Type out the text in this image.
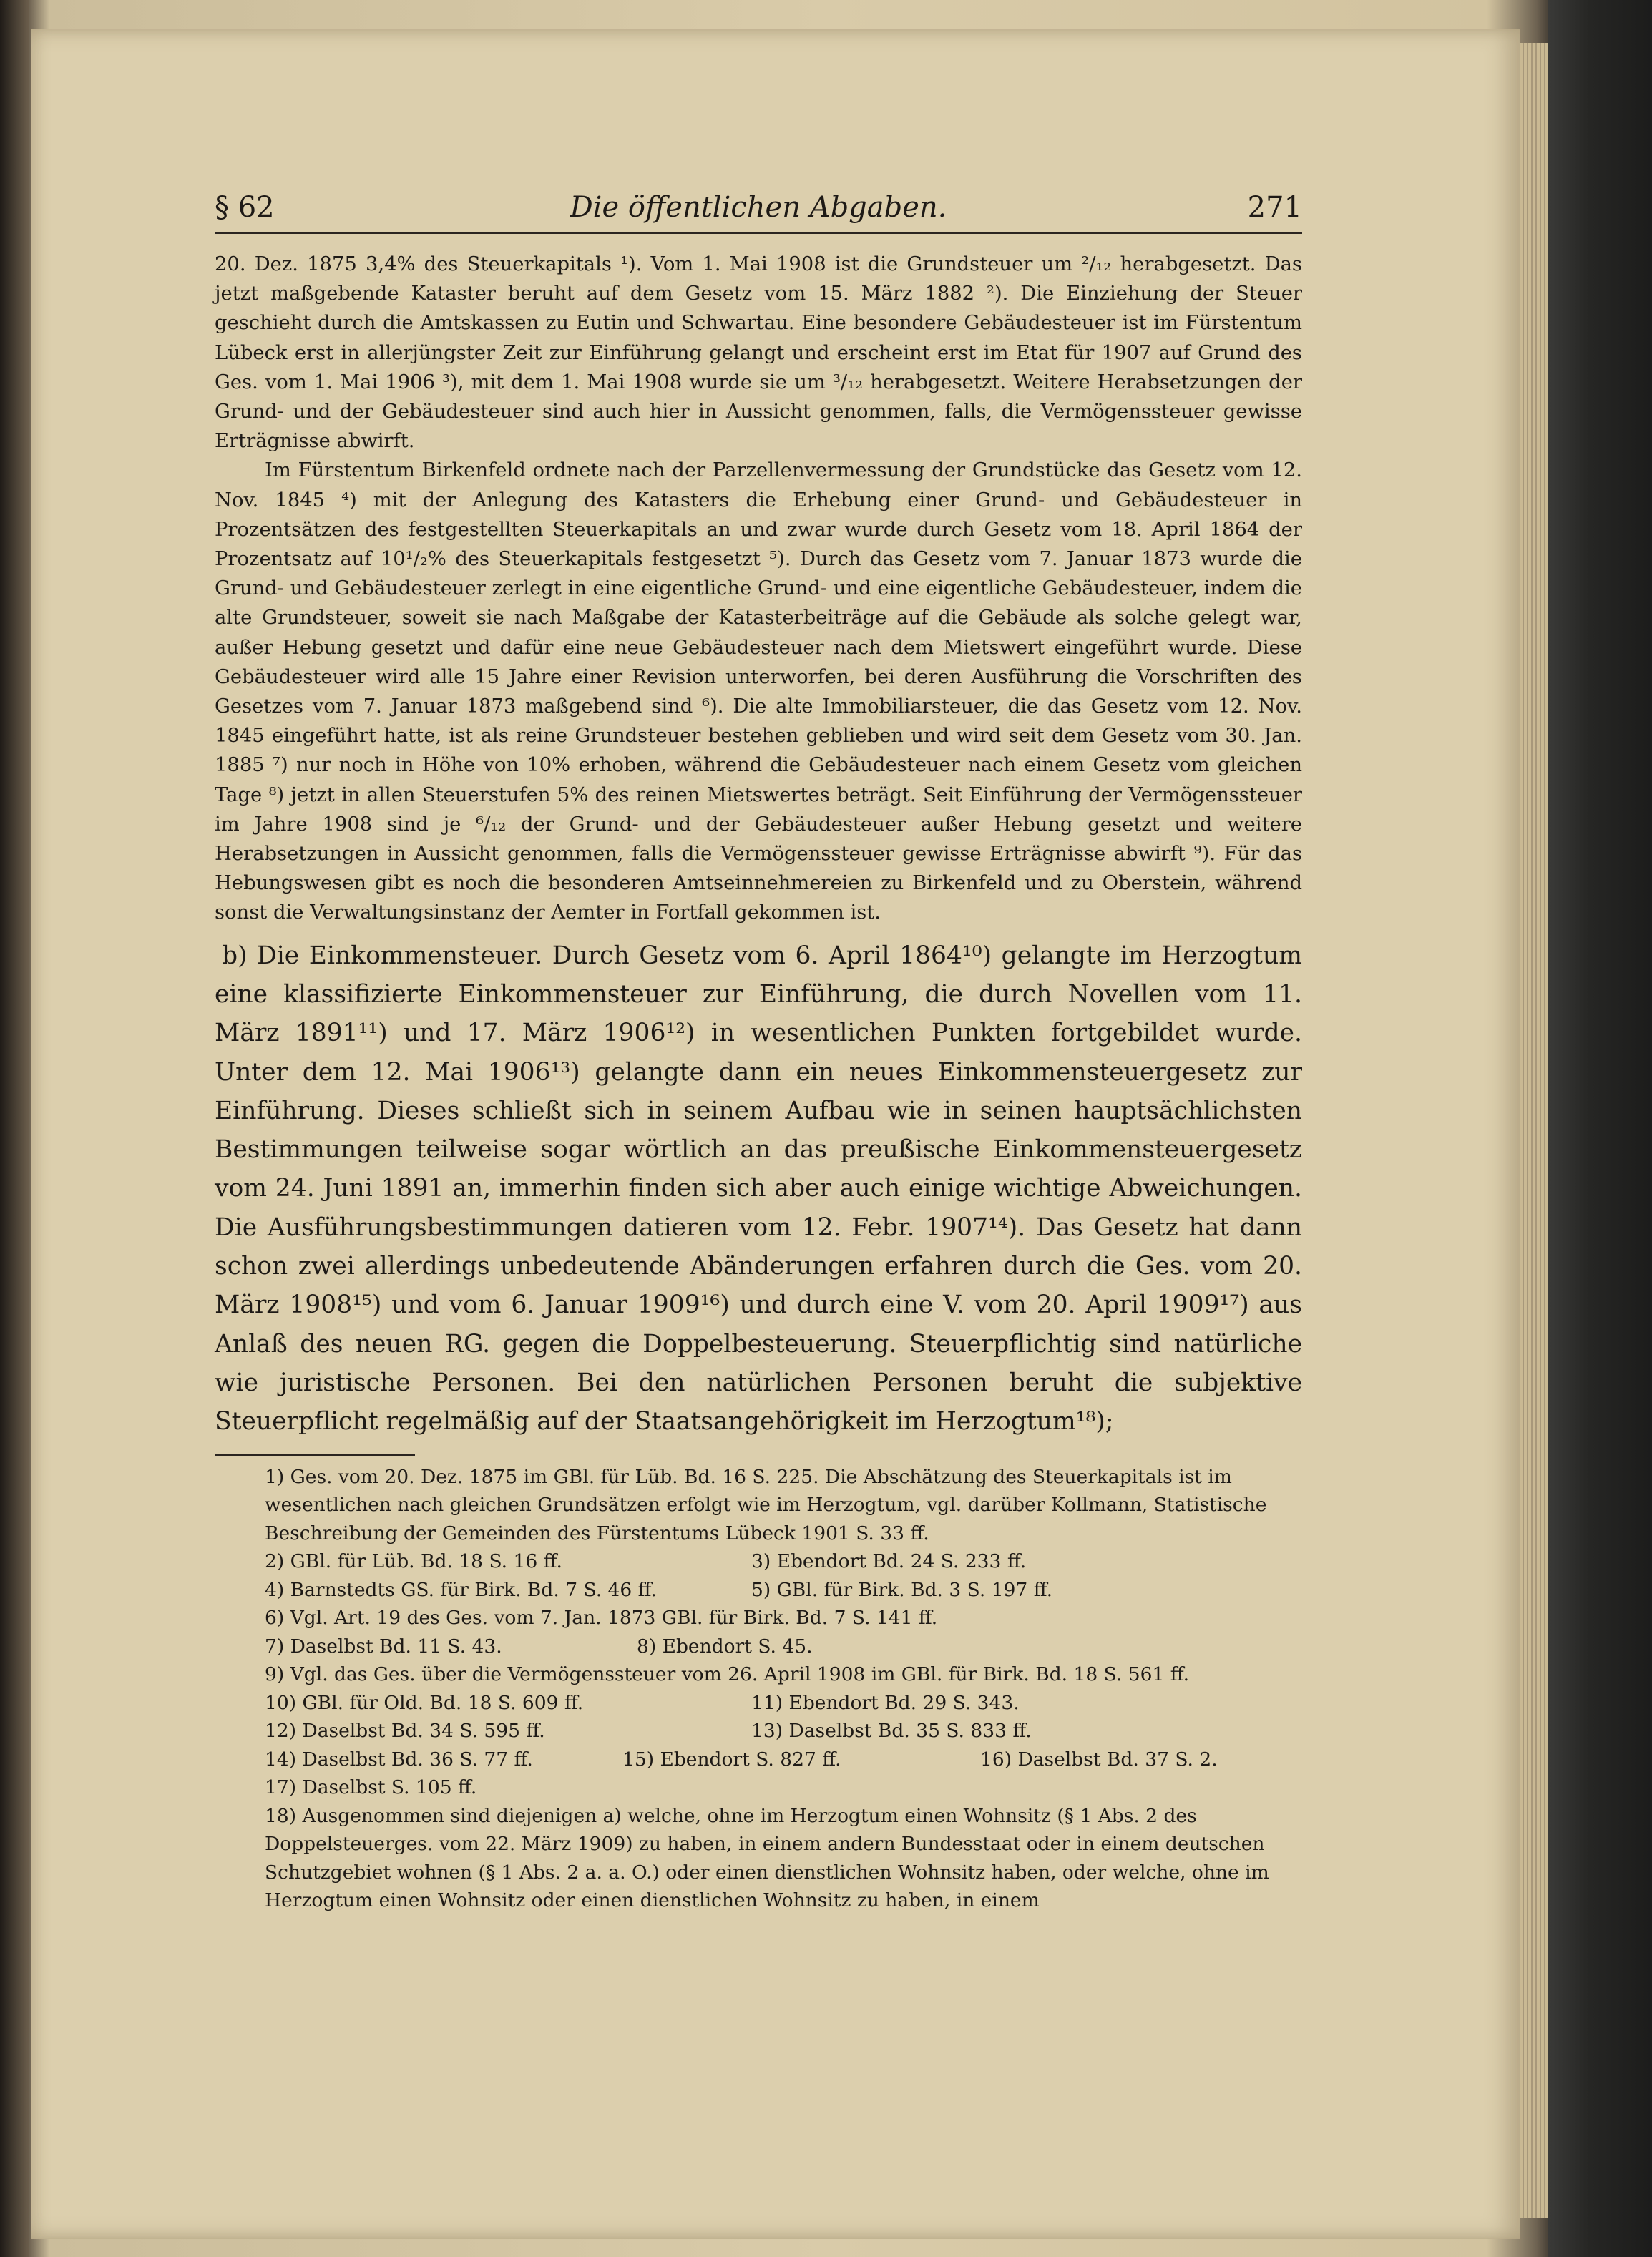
§ 62	Die öffentlichen Abgaben.	271

20. Dez. 1875 3,4% des Steuerkapitals ¹). Vom 1. Mai 1908 ist die Grundsteuer um ²/₁₂ herabgesetzt. Das jetzt maßgebende Kataster beruht auf dem Gesetz vom 15. März 1882 ²). Die Einziehung der Steuer geschieht durch die Amtskassen zu Eutin und Schwartau. Eine besondere Gebäudesteuer ist im Fürstentum Lübeck erst in allerjüngster Zeit zur Einführung gelangt und erscheint erst im Etat für 1907 auf Grund des Ges. vom 1. Mai 1906 ³), mit dem 1. Mai 1908 wurde sie um ³/₁₂ herabgesetzt. Weitere Herabsetzungen der Grund- und der Gebäudesteuer sind auch hier in Aussicht genommen, falls, die Vermögenssteuer gewisse Erträgnisse abwirft.

Im Fürstentum Birkenfeld ordnete nach der Parzellenvermessung der Grundstücke das Gesetz vom 12. Nov. 1845 ⁴) mit der Anlegung des Katasters die Erhebung einer Grund- und Gebäudesteuer in Prozentsätzen des festgestellten Steuerkapitals an und zwar wurde durch Gesetz vom 18. April 1864 der Prozentsatz auf 10¹/₂% des Steuerkapitals festgesetzt ⁵). Durch das Gesetz vom 7. Januar 1873 wurde die Grund- und Gebäudesteuer zerlegt in eine eigentliche Grund- und eine eigentliche Gebäudesteuer, indem die alte Grundsteuer, soweit sie nach Maßgabe der Katasterbeiträge auf die Gebäude als solche gelegt war, außer Hebung gesetzt und dafür eine neue Gebäudesteuer nach dem Mietswert eingeführt wurde. Diese Gebäudesteuer wird alle 15 Jahre einer Revision unterworfen, bei deren Ausführung die Vorschriften des Gesetzes vom 7. Januar 1873 maßgebend sind ⁶). Die alte Immobiliarsteuer, die das Gesetz vom 12. Nov. 1845 eingeführt hatte, ist als reine Grundsteuer bestehen geblieben und wird seit dem Gesetz vom 30. Jan. 1885 ⁷) nur noch in Höhe von 10% erhoben, während die Gebäudesteuer nach einem Gesetz vom gleichen Tage ⁸) jetzt in allen Steuerstufen 5% des reinen Mietswertes beträgt. Seit Einführung der Vermögenssteuer im Jahre 1908 sind je ⁶/₁₂ der Grund- und der Gebäudesteuer außer Hebung gesetzt und weitere Herabsetzungen in Aussicht genommen, falls die Vermögenssteuer gewisse Erträgnisse abwirft ⁹). Für das Hebungswesen gibt es noch die besonderen Amtseinnehmereien zu Birkenfeld und zu Oberstein, während sonst die Verwaltungsinstanz der Aemter in Fortfall gekommen ist.

b) Die Einkommensteuer. Durch Gesetz vom 6. April 1864¹⁰) gelangte im Herzogtum eine klassifizierte Einkommensteuer zur Einführung, die durch Novellen vom 11. März 1891¹¹) und 17. März 1906¹²) in wesentlichen Punkten fortgebildet wurde. Unter dem 12. Mai 1906¹³) gelangte dann ein neues Einkommensteuergesetz zur Einführung. Dieses schließt sich in seinem Aufbau wie in seinen hauptsächlichsten Bestimmungen teilweise sogar wörtlich an das preußische Einkommensteuergesetz vom 24. Juni 1891 an, immerhin finden sich aber auch einige wichtige Abweichungen. Die Ausführungsbestimmungen datieren vom 12. Febr. 1907¹⁴). Das Gesetz hat dann schon zwei allerdings unbedeutende Abänderungen erfahren durch die Ges. vom 20. März 1908¹⁵) und vom 6. Januar 1909¹⁶) und durch eine V. vom 20. April 1909¹⁷) aus Anlaß des neuen RG. gegen die Doppelbesteuerung. Steuerpflichtig sind natürliche wie juristische Personen. Bei den natürlichen Personen beruht die subjektive Steuerpflicht regelmäßig auf der Staatsangehörigkeit im Herzogtum¹⁸);

1) Ges. vom 20. Dez. 1875 im GBl. für Lüb. Bd. 16 S. 225. Die Abschätzung des Steuerkapitals ist im wesentlichen nach gleichen Grundsätzen erfolgt wie im Herzogtum, vgl. darüber Kollmann, Statistische Beschreibung der Gemeinden des Fürstentums Lübeck 1901 S. 33 ff.
2) GBl. für Lüb. Bd. 18 S. 16 ff.	3) Ebendort Bd. 24 S. 233 ff.
4) Barnstedts GS. für Birk. Bd. 7 S. 46 ff.	5) GBl. für Birk. Bd. 3 S. 197 ff.
6) Vgl. Art. 19 des Ges. vom 7. Jan. 1873 GBl. für Birk. Bd. 7 S. 141 ff.
7) Daselbst Bd. 11 S. 43.	8) Ebendort S. 45.
9) Vgl. das Ges. über die Vermögenssteuer vom 26. April 1908 im GBl. für Birk. Bd. 18 S. 561 ff.
10) GBl. für Old. Bd. 18 S. 609 ff.	11) Ebendort Bd. 29 S. 343.
12) Daselbst Bd. 34 S. 595 ff.	13) Daselbst Bd. 35 S. 833 ff.
14) Daselbst Bd. 36 S. 77 ff.	15) Ebendort S. 827 ff.	16) Daselbst Bd. 37 S. 2.
17) Daselbst S. 105 ff.
18) Ausgenommen sind diejenigen a) welche, ohne im Herzogtum einen Wohnsitz (§ 1 Abs. 2 des Doppelsteuerges. vom 22. März 1909) zu haben, in einem andern Bundesstaat oder in einem deutschen Schutzgebiet wohnen (§ 1 Abs. 2 a. a. O.) oder einen dienstlichen Wohnsitz haben, oder welche, ohne im Herzogtum einen Wohnsitz oder einen dienstlichen Wohnsitz zu haben, in einem
